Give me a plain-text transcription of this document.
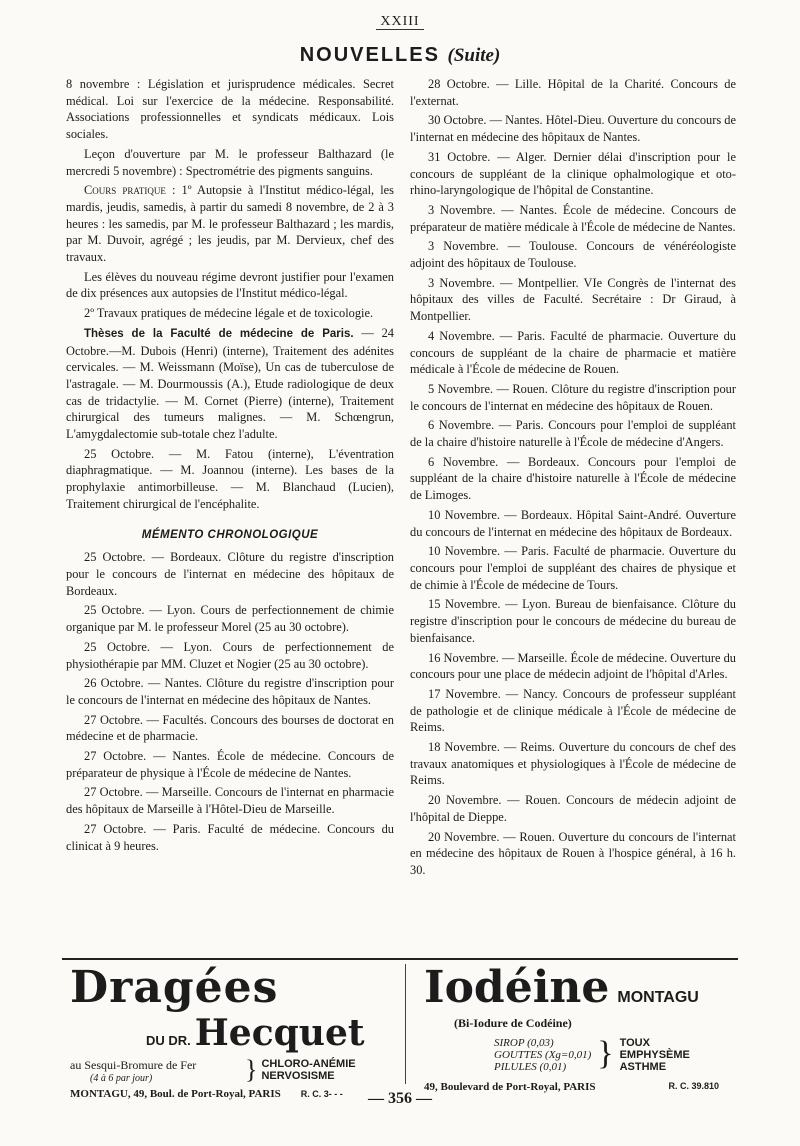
XXIII
NOUVELLES (Suite)

8 novembre : Législation et jurisprudence médicales. Secret médical. Loi sur l'exercice de la médecine. Responsabilité. Associations professionnelles et syndicats médicaux. Lois sociales.

Leçon d'ouverture par M. le professeur Balthazard (le mercredi 5 novembre) : Spectrométrie des pigments sanguins.

Cours pratique : 1º Autopsie à l'Institut médico-légal, les mardis, jeudis, samedis, à partir du samedi 8 novembre, de 2 à 3 heures : les samedis, par M. le professeur Balthazard ; les mardis, par M. Duvoir, agrégé ; les jeudis, par M. Dervieux, chef des travaux.

Les élèves du nouveau régime devront justifier pour l'examen de dix présences aux autopsies de l'Institut médico-légal.

2º Travaux pratiques de médecine légale et de toxicologie.

Thèses de la Faculté de médecine de Paris. — 24 Octobre.—M. Dubois (Henri) (interne), Traitement des adénites cervicales. — M. Weissmann (Moïse), Un cas de tuberculose de l'astragale. — M. Dourmoussis (A.), Etude radiologique de deux cas de tridactylie. — M. Cornet (Pierre) (interne), Traitement chirurgical des tumeurs malignes. — M. Schœngrun, L'amygdalectomie sub-totale chez l'adulte.

25 Octobre. — M. Fatou (interne), L'éventration diaphragmatique. — M. Joannou (interne). Les bases de la prophylaxie antimorbilleuse. — M. Blanchaud (Lucien), Traitement chirurgical de l'encéphalite.

MÉMENTO CHRONOLOGIQUE

25 Octobre. — Bordeaux. Clôture du registre d'inscription pour le concours de l'internat en médecine des hôpitaux de Bordeaux.

25 Octobre. — Lyon. Cours de perfectionnement de chimie organique par M. le professeur Morel (25 au 30 octobre).

25 Octobre. — Lyon. Cours de perfectionnement de physiothérapie par MM. Cluzet et Nogier (25 au 30 octobre).

26 Octobre. — Nantes. Clôture du registre d'inscription pour le concours de l'internat en médecine des hôpitaux de Nantes.

27 Octobre. — Facultés. Concours des bourses de doctorat en médecine et de pharmacie.

27 Octobre. — Nantes. École de médecine. Concours de préparateur de physique à l'École de médecine de Nantes.

27 Octobre. — Marseille. Concours de l'internat en pharmacie des hôpitaux de Marseille à l'Hôtel-Dieu de Marseille.

27 Octobre. — Paris. Faculté de médecine. Concours du clinicat à 9 heures.

28 Octobre. — Lille. Hôpital de la Charité. Concours de l'externat.

30 Octobre. — Nantes. Hôtel-Dieu. Ouverture du concours de l'internat en médecine des hôpitaux de Nantes.

31 Octobre. — Alger. Dernier délai d'inscription pour le concours de suppléant de la clinique ophalmologique et oto-rhino-laryngologique de l'hôpital de Constantine.

3 Novembre. — Nantes. École de médecine. Concours de préparateur de matière médicale à l'École de médecine de Nantes.

3 Novembre. — Toulouse. Concours de vénéréologiste adjoint des hôpitaux de Toulouse.

3 Novembre. — Montpellier. VIe Congrès de l'internat des hôpitaux des villes de Faculté. Secrétaire : Dr Giraud, à Montpellier.

4 Novembre. — Paris. Faculté de pharmacie. Ouverture du concours de suppléant de la chaire de pharmacie et matière médicale à l'École de médecine de Rouen.

5 Novembre. — Rouen. Clôture du registre d'inscription pour le concours de l'internat en médecine des hôpitaux de Rouen.

6 Novembre. — Paris. Concours pour l'emploi de suppléant de la chaire d'histoire naturelle à l'École de médecine d'Angers.

6 Novembre. — Bordeaux. Concours pour l'emploi de suppléant de la chaire d'histoire naturelle à l'École de médecine de Limoges.

10 Novembre. — Bordeaux. Hôpital Saint-André. Ouverture du concours de l'internat en médecine des hôpitaux de Bordeaux.

10 Novembre. — Paris. Faculté de pharmacie. Ouverture du concours pour l'emploi de suppléant des chaires de physique et de chimie à l'École de médecine de Tours.

15 Novembre. — Lyon. Bureau de bienfaisance. Clôture du registre d'inscription pour le concours de médecine du bureau de bienfaisance.

16 Novembre. — Marseille. École de médecine. Ouverture du concours pour une place de médecin adjoint de l'hôpital d'Arles.

17 Novembre. — Nancy. Concours de professeur suppléant de pathologie et de clinique médicale à l'École de médecine de Reims.

18 Novembre. — Reims. Ouverture du concours de chef des travaux anatomiques et physiologiques à l'École de médecine de Reims.

20 Novembre. — Rouen. Concours de médecin adjoint de l'hôpital de Dieppe.

20 Novembre. — Rouen. Ouverture du concours de l'internat en médecine des hôpitaux de Rouen à l'hospice général, à 16 h. 30.

Dragées
DU DR. Hecquet
au Sesqui-Bromure de Fer
(4 à 6 par jour)	} CHLORO-ANÉMIE
NERVOSISME
MONTAGU, 49, Boul. de Port-Royal, PARIS R. C. 3- - -
Iodéine MONTAGU
(Bi-Iodure de Codéine)
SIROP (0,03)
GOUTTES (Xg=0,01)
PILULES (0,01) } TOUX
EMPHYSÈME
ASTHME
49, Boulevard de Port-Royal, PARIS	R. C. 39.810
— 356 —
